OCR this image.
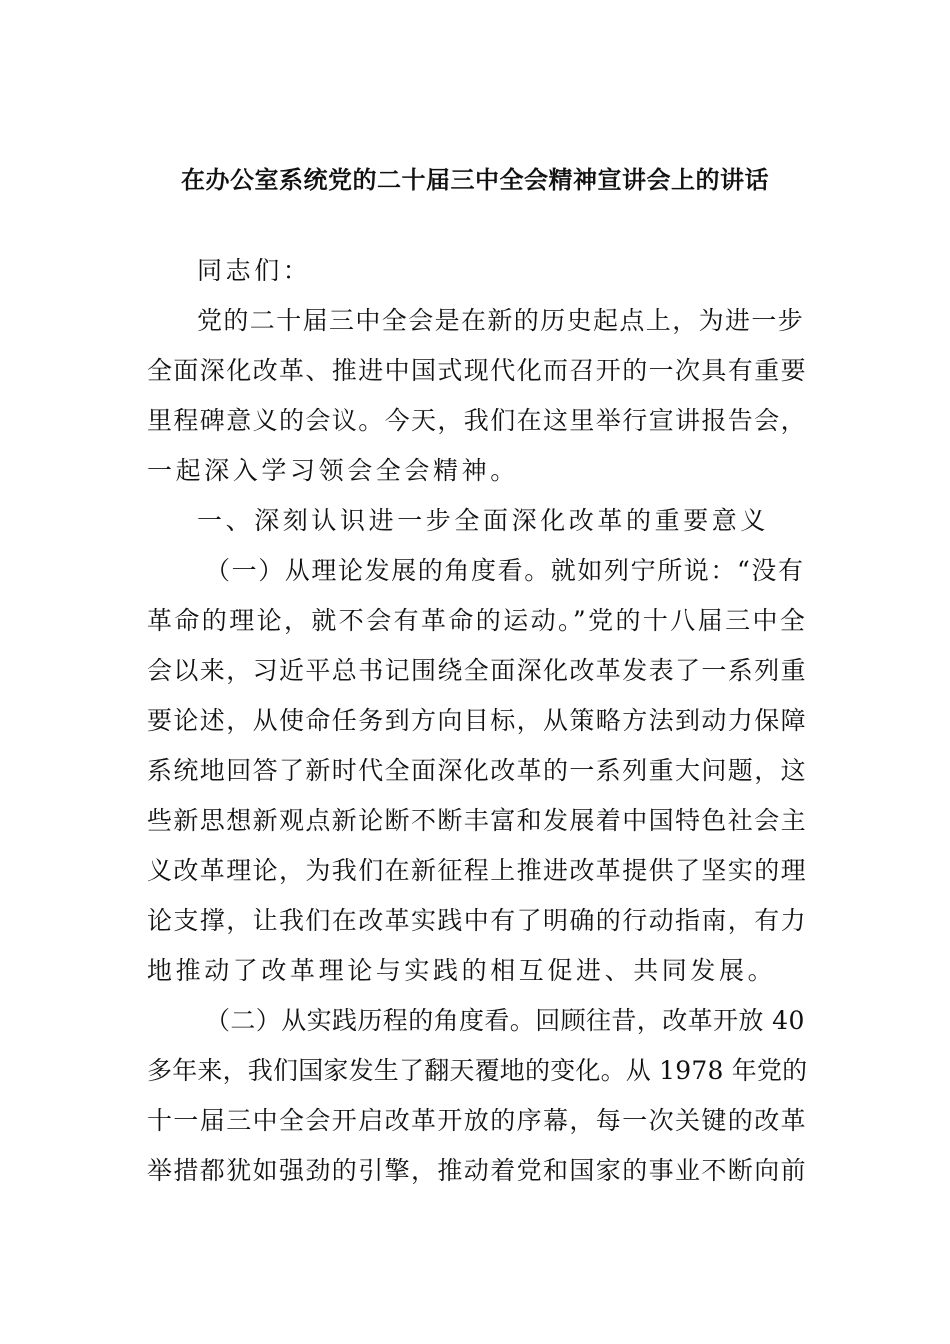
在办公室系统党的二十届三中全会精神宣讲会上的讲话

同志们：

党的二十届三中全会是在新的历史起点上，为进一步
全面深化改革、推进中国式现代化而召开的一次具有重要
里程碑意义的会议。今天，我们在这里举行宣讲报告会，
一起深入学习领会全会精神。

一、深刻认识进一步全面深化改革的重要意义

（一）从理论发展的角度看。就如列宁所说：“没有
革命的理论，就不会有革命的运动。”党的十八届三中全
会以来，习近平总书记围绕全面深化改革发表了一系列重
要论述，从使命任务到方向目标，从策略方法到动力保障
系统地回答了新时代全面深化改革的一系列重大问题，这
些新思想新观点新论断不断丰富和发展着中国特色社会主
义改革理论，为我们在新征程上推进改革提供了坚实的理
论支撑，让我们在改革实践中有了明确的行动指南，有力
地推动了改革理论与实践的相互促进、共同发展。

（二）从实践历程的角度看。回顾往昔，改革开放 40
多年来，我们国家发生了翻天覆地的变化。从 1978 年党的
十一届三中全会开启改革开放的序幕，每一次关键的改革
举措都犹如强劲的引擎，推动着党和国家的事业不断向前
